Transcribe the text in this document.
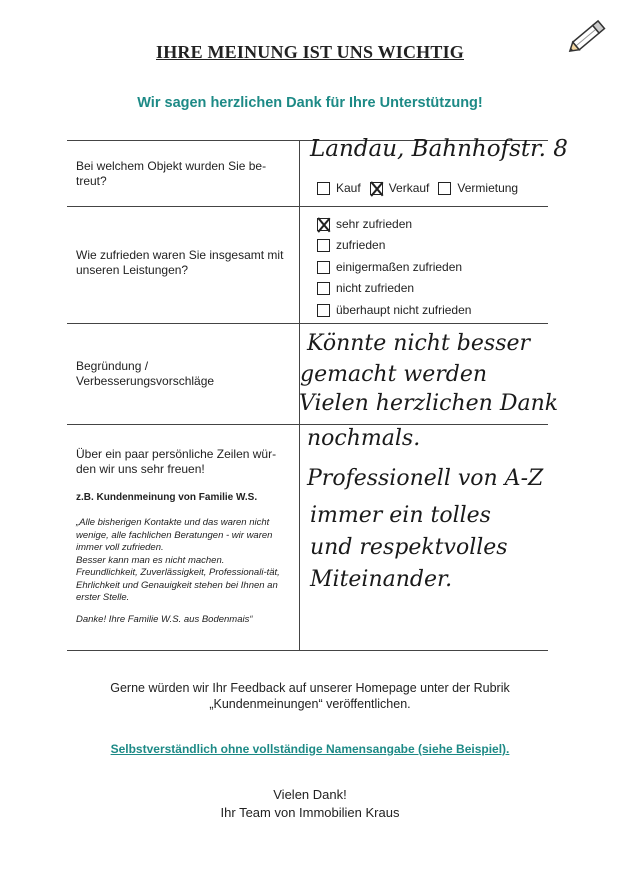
IHRE MEINUNG IST UNS WICHTIG
Wir sagen herzlichen Dank für Ihre Unterstützung!
Bei welchem Objekt wurden Sie be-treut?
Landau, Bahnhofstr. 8
Kauf Verkauf Vermietung
Wie zufrieden waren Sie insgesamt mit unseren Leistungen?
sehr zufrieden
zufrieden
einigermaßen zufrieden
nicht zufrieden
überhaupt nicht zufrieden
Begründung / Verbesserungsvorschläge
Könnte nicht besser
gemacht werden
Vielen herzlichen Dank
Über ein paar persönliche Zeilen wür-den wir uns sehr freuen!
z.B. Kundenmeinung von Familie W.S.

„Alle bisherigen Kontakte und das waren nicht wenige, alle fachlichen Beratungen - wir waren immer voll zufrieden.

Besser kann man es nicht machen.

Freundlichkeit, Zuverlässigkeit, Professionali-tät, Ehrlichkeit und Genauigkeit stehen bei Ihnen an erster Stelle.

Danke! Ihre Familie W.S. aus Bodenmais“
nochmals.
Professionell von A-Z
immer ein tolles
und respektvolles
Miteinander.
Gerne würden wir Ihr Feedback auf unserer Homepage unter der Rubrik
„Kundenmeinungen“ veröffentlichen.
Selbstverständlich ohne vollständige Namensangabe (siehe Beispiel).
Vielen Dank!
Ihr Team von Immobilien Kraus
